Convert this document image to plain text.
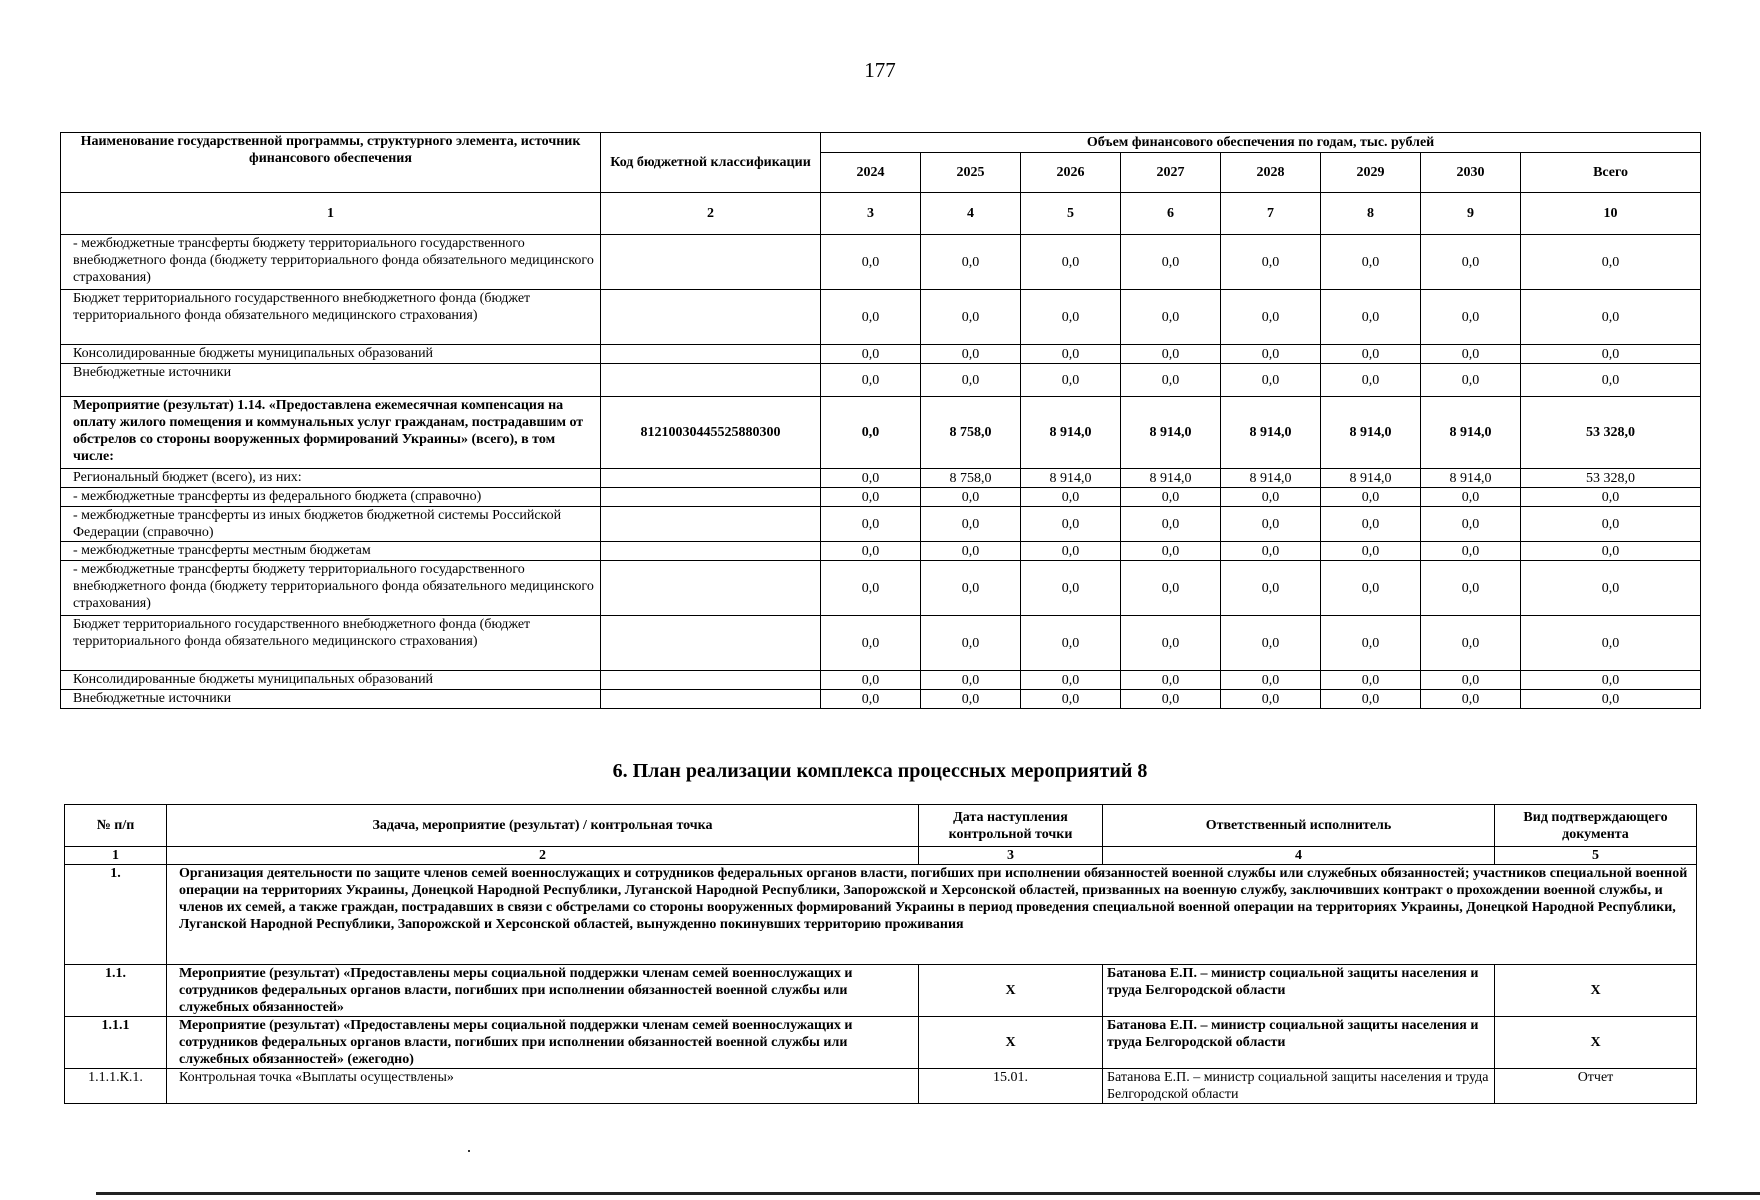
177
Наименование государственной программы, структурного элемента, источник финансового обеспечения	Код бюджетной классификации	Объем финансового обеспечения по годам, тыс. рублей							
		2024	2025	2026	2027	2028	2029	2030	Всего
1	2	3	4	5	6	7	8	9	10
- межбюджетные трансферты бюджету территориального государственного внебюджетного фонда (бюджету территориального фонда обязательного медицинского страхования)		0,0	0,0	0,0	0,0	0,0	0,0	0,0	0,0
Бюджет территориального государственного внебюджетного фонда (бюджет территориального фонда обязательного медицинского страхования)		0,0	0,0	0,0	0,0	0,0	0,0	0,0	0,0
Консолидированные бюджеты муниципальных образований		0,0	0,0	0,0	0,0	0,0	0,0	0,0	0,0
Внебюджетные источники		0,0	0,0	0,0	0,0	0,0	0,0	0,0	0,0
Мероприятие (результат) 1.14. «Предоставлена ежемесячная компенсация на оплату жилого помещения и коммунальных услуг гражданам, пострадавшим от обстрелов со стороны вооруженных формирований Украины» (всего), в том числе:	81210030445525880300	0,0	8 758,0	8 914,0	8 914,0	8 914,0	8 914,0	8 914,0	53 328,0
Региональный бюджет (всего), из них:		0,0	8 758,0	8 914,0	8 914,0	8 914,0	8 914,0	8 914,0	53 328,0
- межбюджетные трансферты из федерального бюджета (справочно)		0,0	0,0	0,0	0,0	0,0	0,0	0,0	0,0
- межбюджетные трансферты из иных бюджетов бюджетной системы Российской Федерации (справочно)		0,0	0,0	0,0	0,0	0,0	0,0	0,0	0,0
- межбюджетные трансферты местным бюджетам		0,0	0,0	0,0	0,0	0,0	0,0	0,0	0,0
- межбюджетные трансферты бюджету территориального государственного внебюджетного фонда (бюджету территориального фонда обязательного медицинского страхования)		0,0	0,0	0,0	0,0	0,0	0,0	0,0	0,0
Бюджет территориального государственного внебюджетного фонда (бюджет территориального фонда обязательного медицинского страхования)		0,0	0,0	0,0	0,0	0,0	0,0	0,0	0,0
Консолидированные бюджеты муниципальных образований		0,0	0,0	0,0	0,0	0,0	0,0	0,0	0,0
Внебюджетные источники		0,0	0,0	0,0	0,0	0,0	0,0	0,0	0,0
6. План реализации комплекса процессных мероприятий 8
№ п/п	Задача, мероприятие (результат) / контрольная точка	Дата наступления контрольной точки	Ответственный исполнитель	Вид подтверждающего документа
1	2	3	4	5
1.	Организация деятельности по защите членов семей военнослужащих и сотрудников федеральных органов власти, погибших при исполнении обязанностей военной службы или служебных обязанностей; участников специальной военной операции на территориях Украины, Донецкой Народной Республики, Луганской Народной Республики, Запорожской и Херсонской областей, призванных на военную службу, заключивших контракт о прохождении военной службы, и членов их семей, а также граждан, пострадавших в связи с обстрелами со стороны вооруженных формирований Украины в период проведения специальной военной операции на территориях Украины, Донецкой Народной Республики, Луганской Народной Республики, Запорожской и Херсонской областей, вынужденно покинувших территорию проживания			
1.1.	Мероприятие (результат) «Предоставлены меры социальной поддержки членам семей военнослужащих и сотрудников федеральных органов власти, погибших при исполнении обязанностей военной службы или служебных обязанностей»	X	Батанова Е.П. – министр социальной защиты населения и труда Белгородской области	X
1.1.1	Мероприятие (результат) «Предоставлены меры социальной поддержки членам семей военнослужащих и сотрудников федеральных органов власти, погибших при исполнении обязанностей военной службы или служебных обязанностей» (ежегодно)	X	Батанова Е.П. – министр социальной защиты населения и труда Белгородской области	X
1.1.1.К.1.	Контрольная точка «Выплаты осуществлены»	15.01.	Батанова Е.П. – министр социальной защиты населения и труда Белгородской области	Отчет
